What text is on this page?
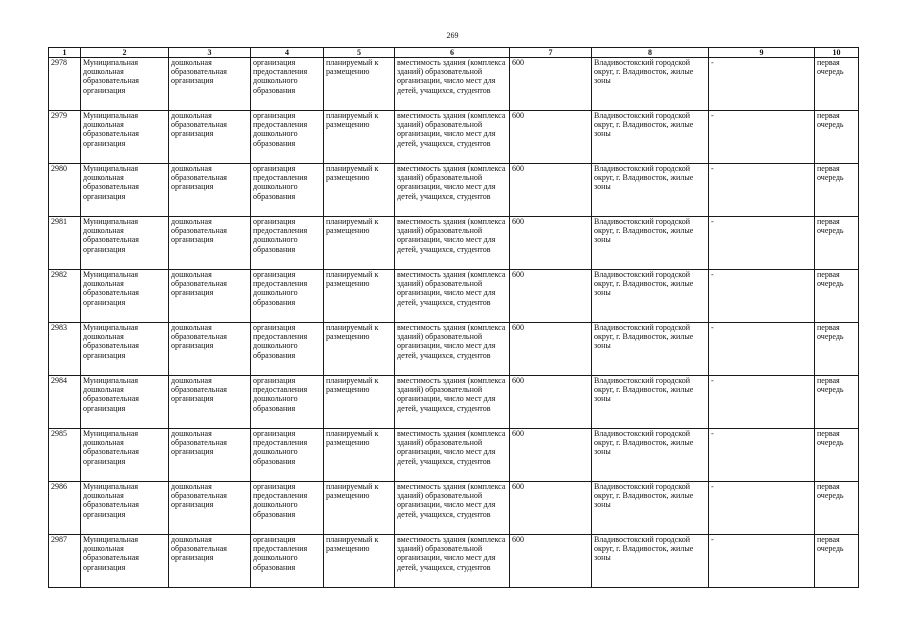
269
1	2	3	4	5	6	7	8	9	10
2978	Муниципальная дошкольная образовательная организация	дошкольная образовательная организация	организация предоставления дошкольного образования	планируемый к размещению	вместимость здания (комплекса зданий) образовательной организации, число мест для детей, учащихся, студентов	600	Владивостокский городской округ, г. Владивосток, жилые зоны	-	первая очередь
2979	Муниципальная дошкольная образовательная организация	дошкольная образовательная организация	организация предоставления дошкольного образования	планируемый к размещению	вместимость здания (комплекса зданий) образовательной организации, число мест для детей, учащихся, студентов	600	Владивостокский городской округ, г. Владивосток, жилые зоны	-	первая очередь
2980	Муниципальная дошкольная образовательная организация	дошкольная образовательная организация	организация предоставления дошкольного образования	планируемый к размещению	вместимость здания (комплекса зданий) образовательной организации, число мест для детей, учащихся, студентов	600	Владивостокский городской округ, г. Владивосток, жилые зоны	-	первая очередь
2981	Муниципальная дошкольная образовательная организация	дошкольная образовательная организация	организация предоставления дошкольного образования	планируемый к размещению	вместимость здания (комплекса зданий) образовательной организации, число мест для детей, учащихся, студентов	600	Владивостокский городской округ, г. Владивосток, жилые зоны	-	первая очередь
2982	Муниципальная дошкольная образовательная организация	дошкольная образовательная организация	организация предоставления дошкольного образования	планируемый к размещению	вместимость здания (комплекса зданий) образовательной организации, число мест для детей, учащихся, студентов	600	Владивостокский городской округ, г. Владивосток, жилые зоны	-	первая очередь
2983	Муниципальная дошкольная образовательная организация	дошкольная образовательная организация	организация предоставления дошкольного образования	планируемый к размещению	вместимость здания (комплекса зданий) образовательной организации, число мест для детей, учащихся, студентов	600	Владивостокский городской округ, г. Владивосток, жилые зоны	-	первая очередь
2984	Муниципальная дошкольная образовательная организация	дошкольная образовательная организация	организация предоставления дошкольного образования	планируемый к размещению	вместимость здания (комплекса зданий) образовательной организации, число мест для детей, учащихся, студентов	600	Владивостокский городской округ, г. Владивосток, жилые зоны	-	первая очередь
2985	Муниципальная дошкольная образовательная организация	дошкольная образовательная организация	организация предоставления дошкольного образования	планируемый к размещению	вместимость здания (комплекса зданий) образовательной организации, число мест для детей, учащихся, студентов	600	Владивостокский городской округ, г. Владивосток, жилые зоны	-	первая очередь
2986	Муниципальная дошкольная образовательная организация	дошкольная образовательная организация	организация предоставления дошкольного образования	планируемый к размещению	вместимость здания (комплекса зданий) образовательной организации, число мест для детей, учащихся, студентов	600	Владивостокский городской округ, г. Владивосток, жилые зоны	-	первая очередь
2987	Муниципальная дошкольная образовательная организация	дошкольная образовательная организация	организация предоставления дошкольного образования	планируемый к размещению	вместимость здания (комплекса зданий) образовательной организации, число мест для детей, учащихся, студентов	600	Владивостокский городской округ, г. Владивосток, жилые зоны	-	первая очередь
